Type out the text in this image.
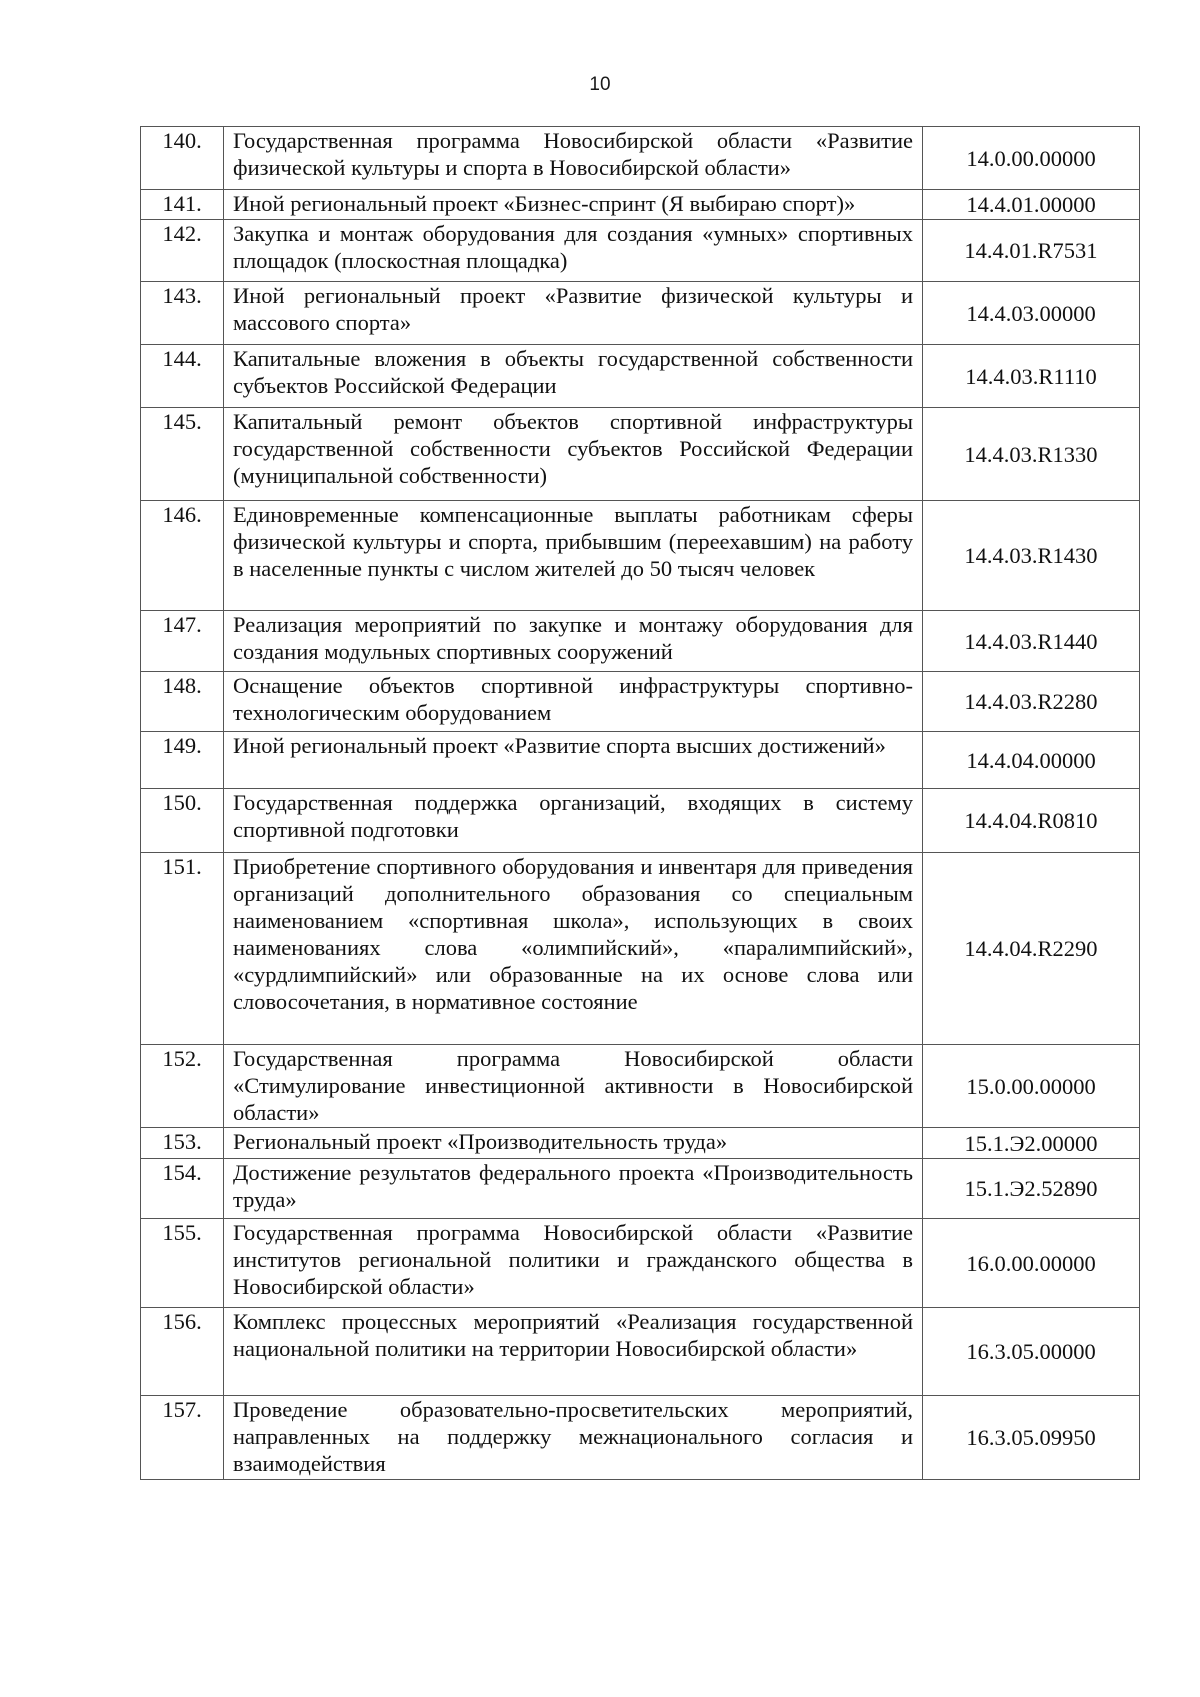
10
140.	Государственная программа Новосибирской области «Развитие физической культуры и спорта в Новосибирской области»	14.0.00.00000
141.	Иной региональный проект «Бизнес-спринт (Я выбираю спорт)»	14.4.01.00000
142.	Закупка и монтаж оборудования для создания «умных» спортивных площадок (плоскостная площадка)	14.4.01.R7531
143.	Иной региональный проект «Развитие физической культуры и массового спорта»	14.4.03.00000
144.	Капитальные вложения в объекты государственной собственности субъектов Российской Федерации	14.4.03.R1110
145.	Капитальный ремонт объектов спортивной инфраструктуры государственной собственности субъектов Российской Федерации (муниципальной собственности)	14.4.03.R1330
146.	Единовременные компенсационные выплаты работникам сферы физической культуры и спорта, прибывшим (переехавшим) на работу в населенные пункты с числом жителей до 50 тысяч человек	14.4.03.R1430
147.	Реализация мероприятий по закупке и монтажу оборудования для создания модульных спортивных сооружений	14.4.03.R1440
148.	Оснащение объектов спортивной инфраструктуры спортивно-технологическим оборудованием	14.4.03.R2280
149.	Иной региональный проект «Развитие спорта высших достижений»	14.4.04.00000
150.	Государственная поддержка организаций, входящих в систему спортивной подготовки	14.4.04.R0810
151.	Приобретение спортивного оборудования и инвентаря для приведения организаций дополнительного образования со специальным наименованием «спортивная школа», использующих в своих наименованиях слова «олимпийский», «паралимпийский», «сурдлимпийский» или образованные на их основе слова или словосочетания, в нормативное состояние	14.4.04.R2290
152.	Государственная программа Новосибирской области «Стимулирование инвестиционной активности в Новосибирской области»	15.0.00.00000
153.	Региональный проект «Производительность труда»	15.1.Э2.00000
154.	Достижение результатов федерального проекта «Производительность труда»	15.1.Э2.52890
155.	Государственная программа Новосибирской области «Развитие институтов региональной политики и гражданского общества в Новосибирской области»	16.0.00.00000
156.	Комплекс процессных мероприятий «Реализация государственной национальной политики на территории Новосибирской области»	16.3.05.00000
157.	Проведение образовательно-просветительских мероприятий, направленных на поддержку межнационального согласия и взаимодействия	16.3.05.09950
